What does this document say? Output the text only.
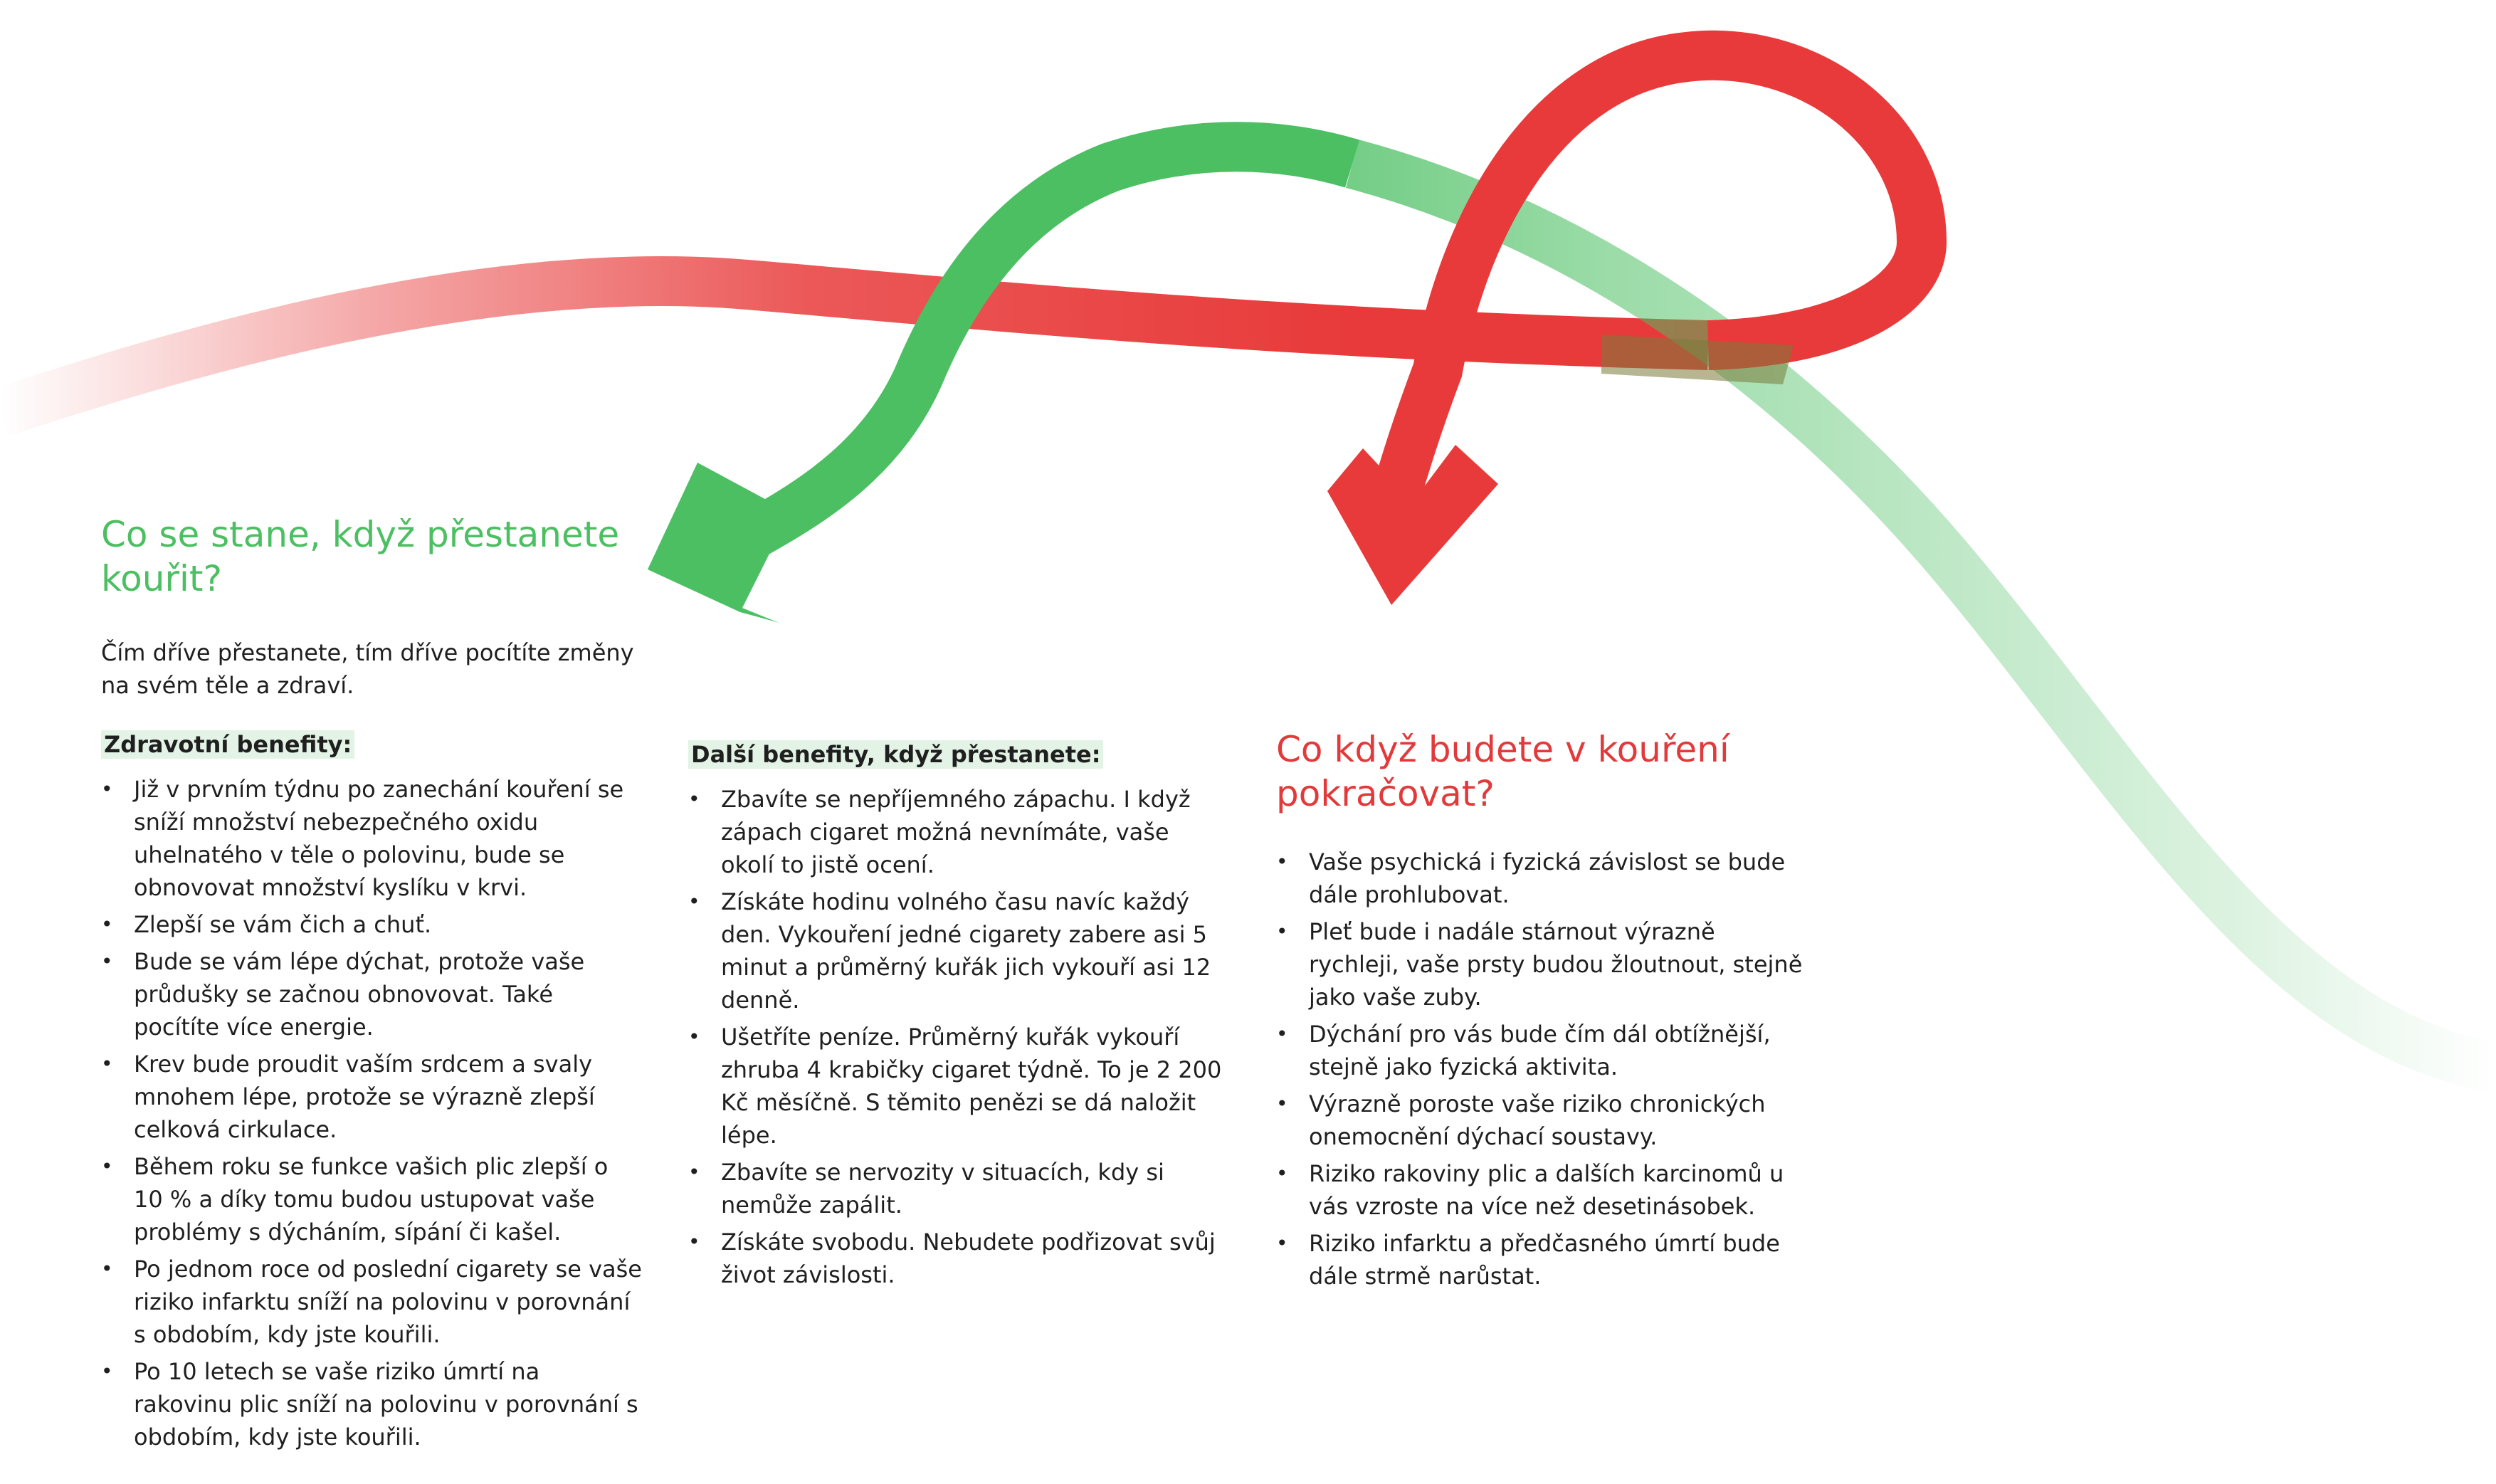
Co se stane, když přestanete kouřit?

Čím dříve přestanete, tím dříve pocítíte změny na svém těle a zdraví.

Zdravotní benefity:
• Již v prvním týdnu po zanechání kouření se sníží množství nebezpečného oxidu uhelnatého v těle o polovinu, bude se obnovovat množství kyslíku v krvi.
• Zlepší se vám čich a chuť.
• Bude se vám lépe dýchat, protože vaše průdušky se začnou obnovovat. Také pocítíte více energie.
• Krev bude proudit vaším srdcem a svaly mnohem lépe, protože se výrazně zlepší celková cirkulace.
• Během roku se funkce vašich plic zlepší o 10 % a díky tomu budou ustupovat vaše problémy s dýcháním, sípání či kašel.
• Po jednom roce od poslední cigarety se vaše riziko infarktu sníží na polovinu v porovnání s obdobím, kdy jste kouřili.
• Po 10 letech se vaše riziko úmrtí na rakovinu plic sníží na polovinu v porovnání s obdobím, kdy jste kouřili.
Další benefity, když přestanete:
• Zbavíte se nepříjemného zápachu. I když zápach cigaret možná nevnímáte, vaše okolí to jistě ocení.
• Získáte hodinu volného času navíc každý den. Vykouření jedné cigarety zabere asi 5 minut a průměrný kuřák jich vykouří asi 12 denně.
• Ušetříte peníze. Průměrný kuřák vykouří zhruba 4 krabičky cigaret týdně. To je 2 200 Kč měsíčně. S těmito penězi se dá naložit lépe.
• Zbavíte se nervozity v situacích, kdy si nemůže zapálit.
• Získáte svobodu. Nebudete podřizovat svůj život závislosti.
Co když budete v kouření pokračovat?
• Vaše psychická i fyzická závislost se bude dále prohlubovat.
• Pleť bude i nadále stárnout výrazně rychleji, vaše prsty budou žloutnout, stejně jako vaše zuby.
• Dýchání pro vás bude čím dál obtížnější, stejně jako fyzická aktivita.
• Výrazně poroste vaše riziko chronických onemocnění dýchací soustavy.
• Riziko rakoviny plic a dalších karcinomů u vás vzroste na více než desetinásobek.
• Riziko infarktu a předčasného úmrtí bude dále strmě narůstat.
